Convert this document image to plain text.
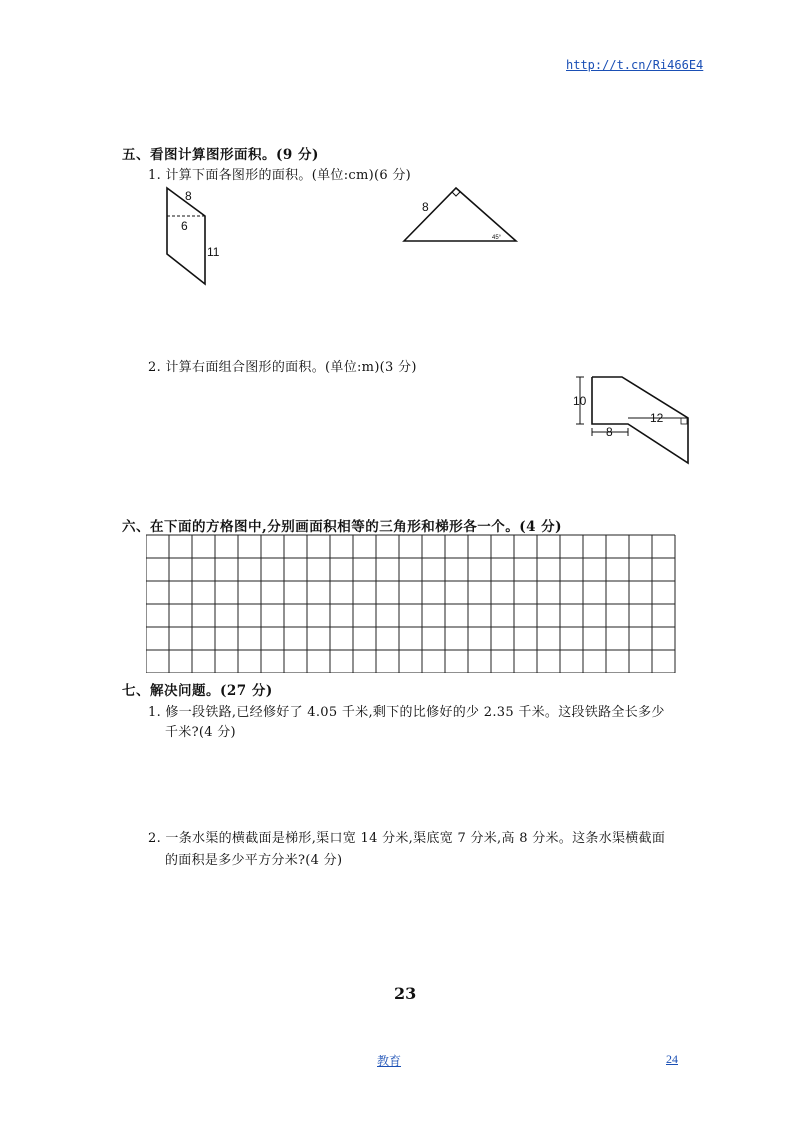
http://t.cn/Ri466E4
五、看图计算图形面积。(9 分)
1. 计算下面各图形的面积。(单位:cm)(6 分)
8
6
11
8
45°
2. 计算右面组合图形的面积。(单位:m)(3 分)
10
8
12
六、在下面的方格图中,分别画面积相等的三角形和梯形各一个。(4 分)
七、解决问题。(27 分)
1. 修一段铁路,已经修好了 4.05 千米,剩下的比修好的少 2.35 千米。这段铁路全长多少
千米?(4 分)
2. 一条水渠的横截面是梯形,渠口宽 14 分米,渠底宽 7 分米,高 8 分米。这条水渠横截面
的面积是多少平方分米?(4 分)
23
教育	24
